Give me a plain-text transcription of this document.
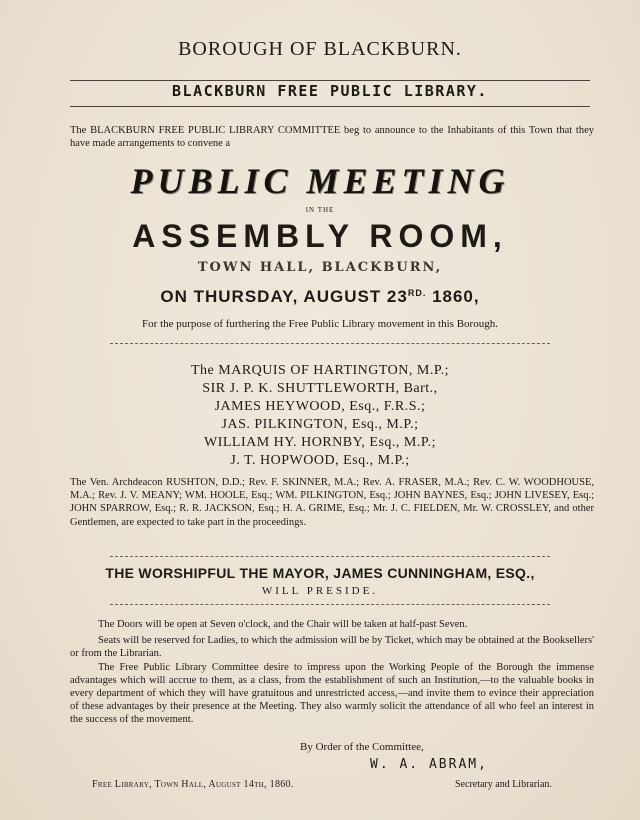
BOROUGH OF BLACKBURN.
BLACKBURN FREE PUBLIC LIBRARY.
The BLACKBURN FREE PUBLIC LIBRARY COMMITTEE beg to announce to the Inhabitants of this Town that they have made arrangements to convene a
PUBLIC MEETING
IN THE
ASSEMBLY ROOM,
TOWN HALL, BLACKBURN,
ON THURSDAY, AUGUST $23^{RD.}$ 1860,
For the purpose of furthering the Free Public Library movement in this Borough.
The MARQUIS OF HARTINGTON, M.P.;
SIR J. P. K. SHUTTLEWORTH, Bart.,
JAMES HEYWOOD, Esq., F.R.S.;
JAS. PILKINGTON, Esq., M.P.;
WILLIAM HY. HORNBY, Esq., M.P.;
J. T. HOPWOOD, Esq., M.P.;
The Ven. Archdeacon RUSHTON, D.D.; Rev. F. SKINNER, M.A.; Rev. A. FRASER, M.A.; Rev. C. W. WOODHOUSE, M.A.; Rev. J. V. MEANY; WM. HOOLE, Esq.; WM. PILKINGTON, Esq.; JOHN BAYNES, Esq.; JOHN LIVESEY, Esq.; JOHN SPARROW, Esq.; R. R. JACKSON, Esq.; H. A. GRIME, Esq.; Mr. J. C. FIELDEN, Mr. W. CROSSLEY, and other Gentlemen, are expected to take part in the proceedings.
THE WORSHIPFUL THE MAYOR, JAMES CUNNINGHAM, ESQ.,
WILL PRESIDE.
The Doors will be open at Seven o'clock, and the Chair will be taken at half-past Seven.
Seats will be reserved for Ladies, to which the admission will be by Ticket, which may be obtained at the Booksellers' or from the Librarian.
The Free Public Library Committee desire to impress upon the Working People of the Borough the immense advantages which will accrue to them, as a class, from the establishment of such an Institution,—to the valuable books in every department of which they will have gratuitous and unrestricted access,—and invite them to evince their appreciation of these advantages by their presence at the Meeting. They also warmly solicit the attendance of all who feel an interest in the success of the movement.
By Order of the Committee,
W. A. ABRAM,
Free Library, Town Hall, August 14th, 1860.	Secretary and Librarian.
